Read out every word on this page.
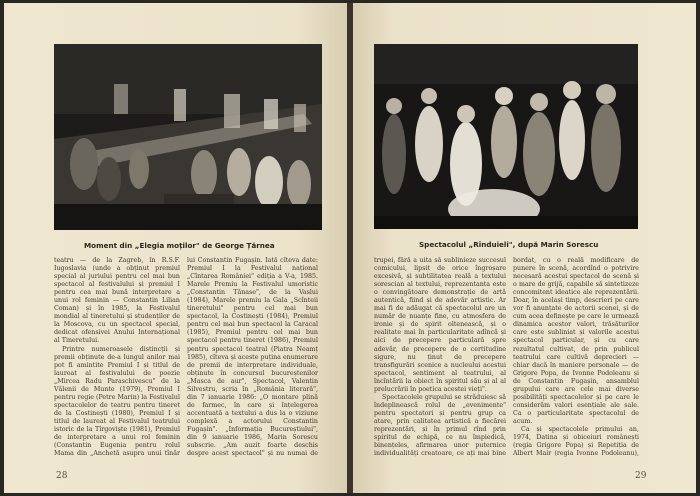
Moment din „Elegia moților" de George Țărnea

teatru — de la Zagreb, în R.S.F. Iugoslavia (unde a obținut premiul special al juriului pentru cel mai bun spectacol al festivalului și premiul I pentru cea mai bună interpretare a unui rol feminin — Constantin Lilian Coman) și în 1985, la Festivalul mondial al tineretului și studenților de la Moscova, cu un spectacol special, dedicat ofensivei Anului Internațional al Tineretului.

Printre numeroasele distincții și premii obținute de-a lungul anilor mai pot fi amintite Premiul I și titlul de laureat al festivalului de poezie „Mircea Radu Paraschivescu" de la Vălenii de Munte (1979), Premiul I pentru regie (Petre Marin) la Festivalul spectacolelor de teatru pentru tineret de la Costinești (1980), Premiul I și titlul de laureat al Festivalul teatrului istoric de la Tîrgoviște (1981), Premiul de interpretare a unui rol feminin (Constantin Eugenia pentru rolul Mama din „Anchetă asupra unui tînăr

lui Constantin Fugașin. Iată cîteva date: Premiul I la Festivalul național „Cîntarea României" ediția a V-a, 1985. Marele Premiu la Festivalul umoristic „Constantin Tănase", de la Vaslui (1984), Marele premiu la Gala „Scînteii tineretului" pentru cel mai bun spectacol, la Costinești (1984), Premiul pentru cel mai bun spectacol la Caracal (1985), Premiul pentru cel mai bun spectacol pentru tineret (1986), Premiul pentru spectacol teatral (Piatra Neamț 1985), cîteva și aceste puțina enumerare de premii de interpretare individuale, obținute în concursul bucureștenilor „Masca de aur", Spectacol, Valentin Silvestru, scria în „România literară", din 7 ianuarie 1986: „O montare plină de farmec, în care și înțelegerea accentuată a textului a dus la o viziune complexă a actorului Constantin Fugașin". „Informația Bucureștiului", din 9 ianuarie 1986, Marin Sorescu subscrie. „Am auzit foarte deschis despre acest spectacol" și nu numai de

28
Spectacolul „Rînduieli", după Marin Sorescu

trupei, fără a uita să sublinieze succesul comicului, lipsit de orice îngroșare excesivă, și subtilitatea reală a textului sorescian al textului, reprezentanta este o convingătoare demonstrație de artă autentică, fiind și de adevăr artistic. Ar mai fi de adăugat că spectacolul are un număr de nuanțe fine, cu atmosfera de ironie și de spirit oltenească, și o realitate mai în particularitate adîncă și aici de precepere particulară spre adevăr, de precepere de o certitudine sigure, nu ținut de precepere transfigurări scenice a nucleului acestui spectacol, sentiment al teatrului, al încîntării la obiect în spiritul său și al al prelucrării în poetica acestei vieți".

Spectacolele grupului se străduiesc să îndeplinească rolul de „evenimente" pentru spectatori și pentru grup ca atare, prin calitatea artistică a fiecărei reprezentări, și în primul rînd prin spiritul de echipă, ce nu împiedică, binențeles, afirmarea unor puternice individualități creatoare, ce ați mai bine

bordat, cu o reală modificare de punere în scenă, acordînd o potrivire necesară acestui spectacol de scenă și o mare de grijă, capabile să sintetizeze concomitent ideatice ale reprezentării. Doar, în același timp, descrieri pe care vor fi anunțate de actorii scenei, și de cum acea definește pe care le urmează dinamica acestor valori, trăsăturilor care este subliniat și valorile acestui spectacol particular, și cu care rezultatul cultivat, de prin publicul teatrului care cultivă deprecieri — chiar dacă în maniere personale — de Grigore Popa, de Ivonne Podoleanu și de Constantin Fugașin, ansamblul grupului care are cele mai diverse posibilități spectacolelor și pe care le considerăm valori esențiale ale sale. Ca o particularitate spectacolul de acum.

Ca și spectacolele primului an, 1974, Datina și obiceiuri românești (regia Grigore Popa) și Repetiția de Albert Mair (regia Ivonne Podoleanu),

29
